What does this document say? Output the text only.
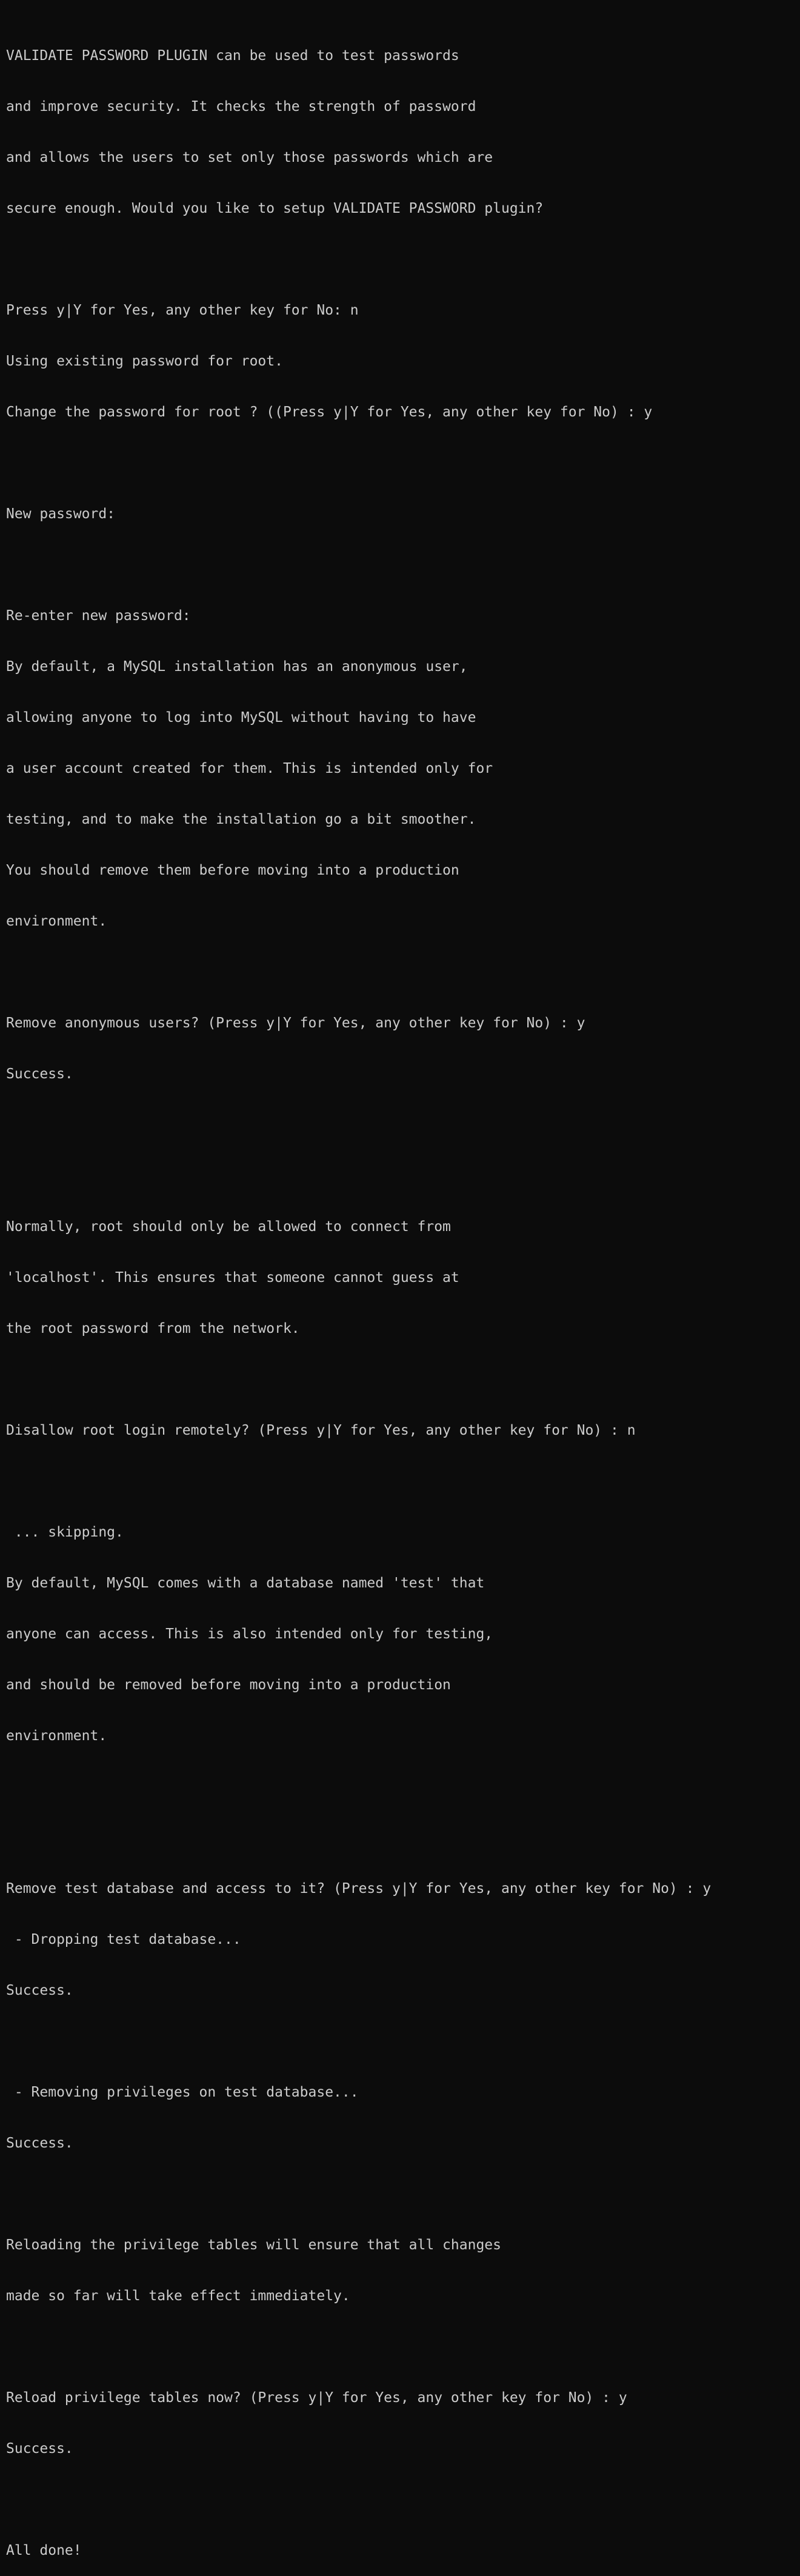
VALIDATE PASSWORD PLUGIN can be used to test passwords

and improve security. It checks the strength of password

and allows the users to set only those passwords which are

secure enough. Would you like to setup VALIDATE PASSWORD plugin?

Press y|Y for Yes, any other key for No: n

Using existing password for root.

Change the password for root ? ((Press y|Y for Yes, any other key for No) : y

New password:

Re-enter new password:

By default, a MySQL installation has an anonymous user,

allowing anyone to log into MySQL without having to have

a user account created for them. This is intended only for

testing, and to make the installation go a bit smoother.

You should remove them before moving into a production

environment.

Remove anonymous users? (Press y|Y for Yes, any other key for No) : y

Success.

Normally, root should only be allowed to connect from

'localhost'. This ensures that someone cannot guess at

the root password from the network.

Disallow root login remotely? (Press y|Y for Yes, any other key for No) : n

... skipping.

By default, MySQL comes with a database named 'test' that

anyone can access. This is also intended only for testing,

and should be removed before moving into a production

environment.

Remove test database and access to it? (Press y|Y for Yes, any other key for No) : y

- Dropping test database...

Success.

- Removing privileges on test database...

Success.

Reloading the privilege tables will ensure that all changes

made so far will take effect immediately.

Reload privilege tables now? (Press y|Y for Yes, any other key for No) : y

Success.

All done!
